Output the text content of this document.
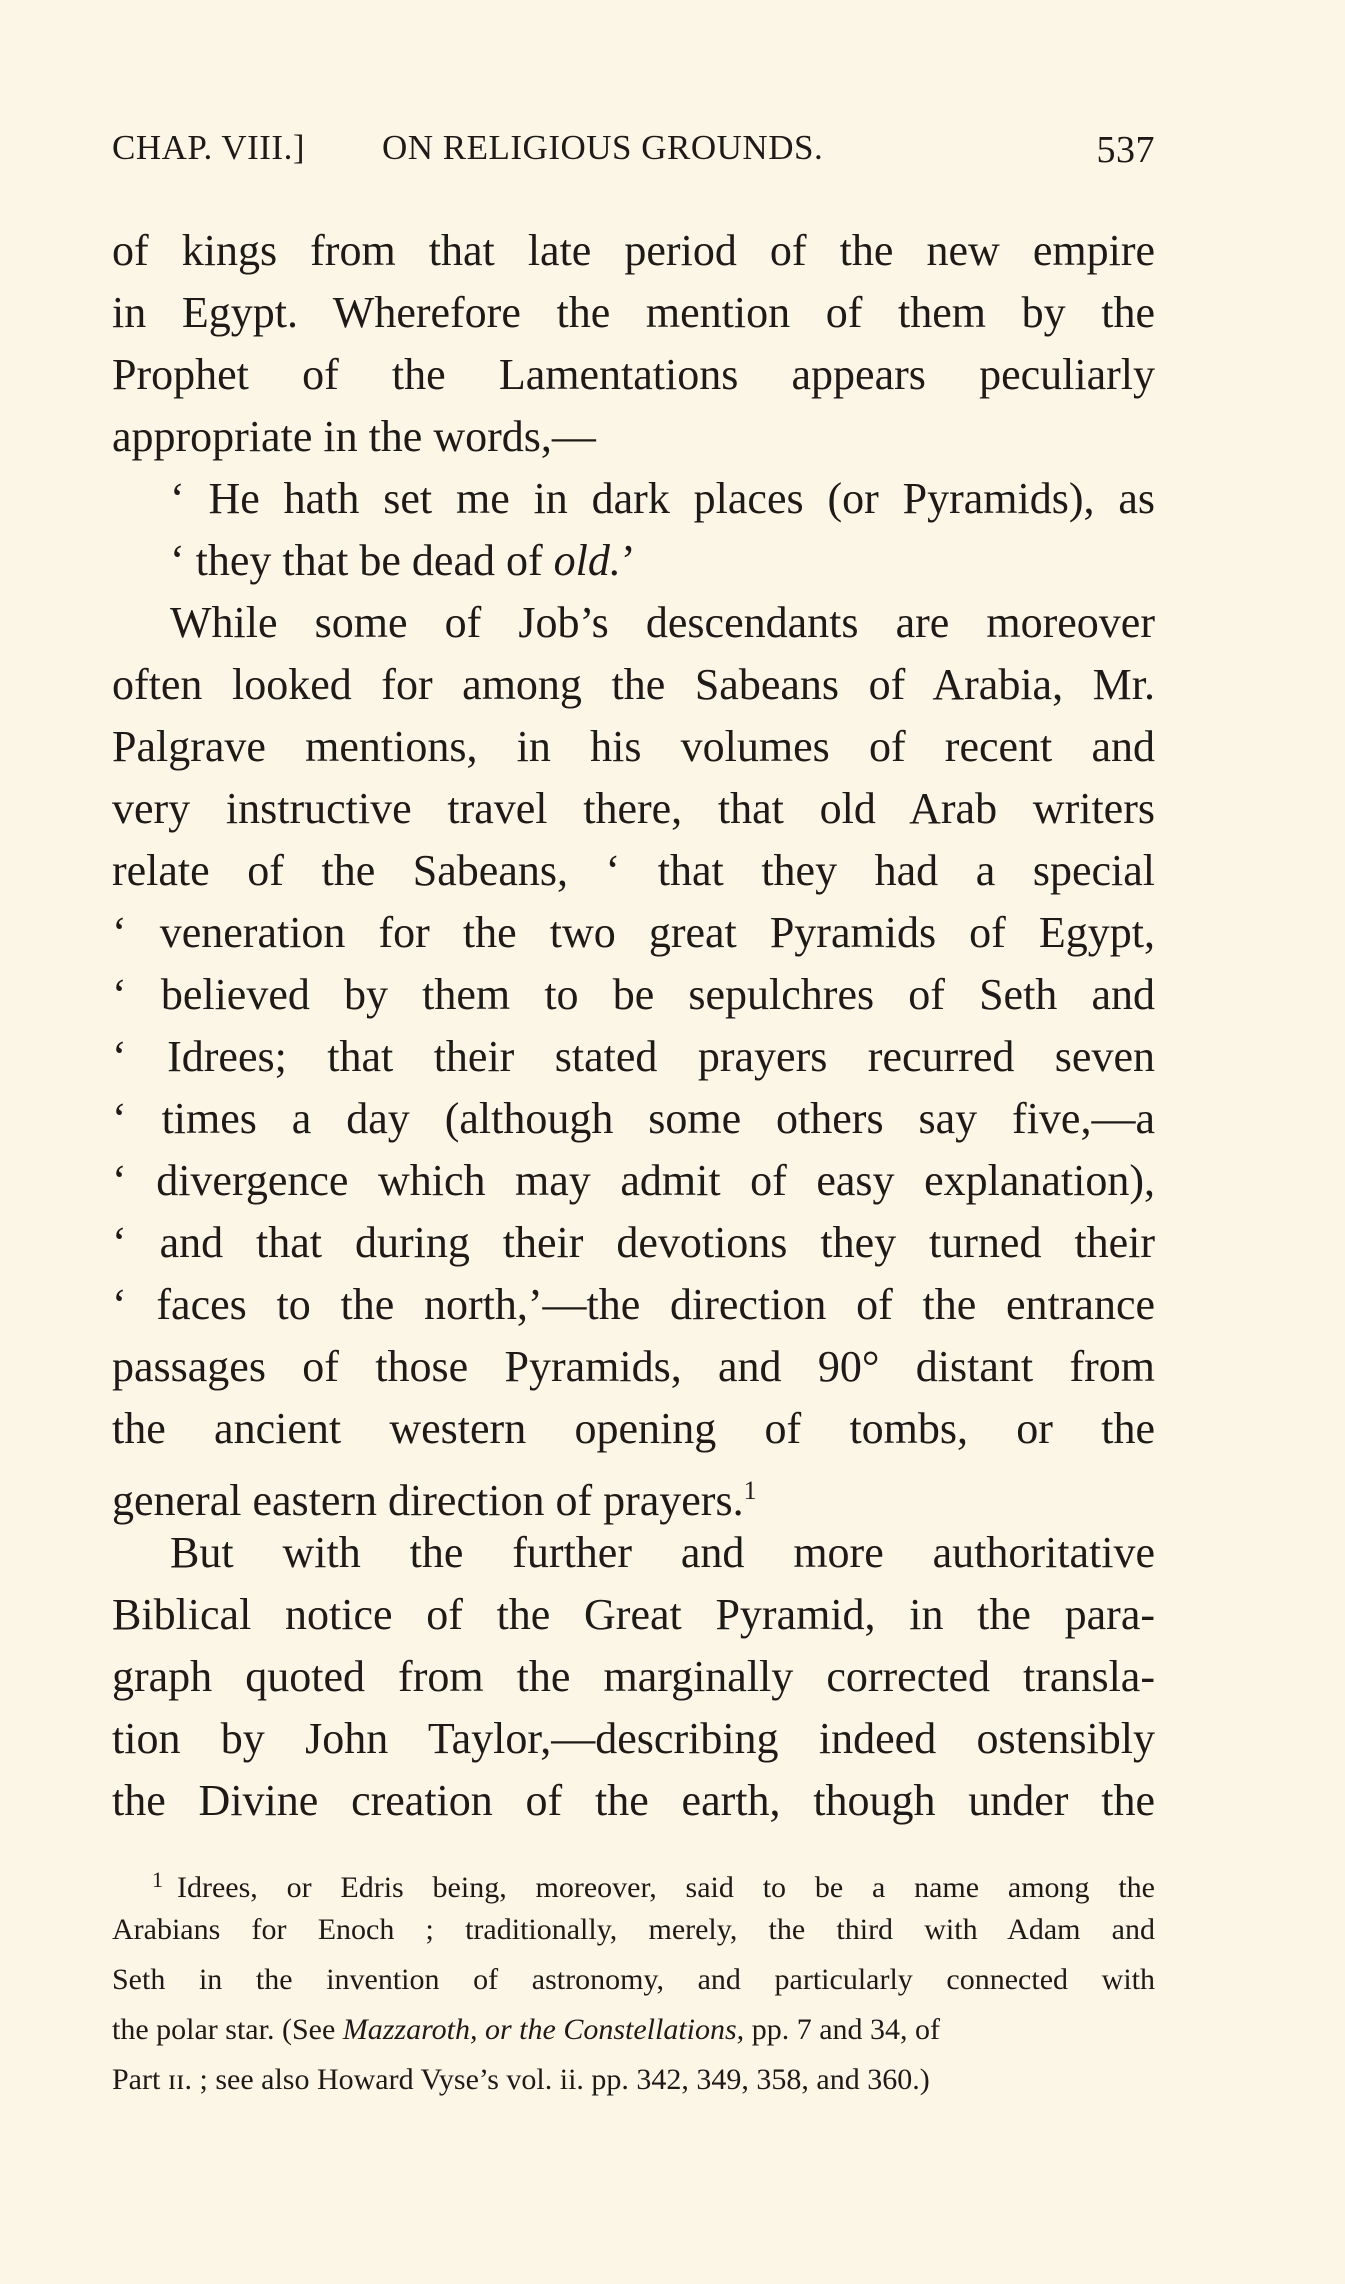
CHAP. VIII.] ON RELIGIOUS GROUNDS.	537
of kings from that late period of the new empire
in Egypt. Wherefore the mention of them by the
Prophet of the Lamentations appears peculiarly
appropriate in the words,—
‘ He hath set me in dark places (or Pyramids), as
‘ they that be dead of old.’
While some of Job’s descendants are moreover
often looked for among the Sabeans of Arabia, Mr.
Palgrave mentions, in his volumes of recent and
very instructive travel there, that old Arab writers
relate of the Sabeans, ‘ that they had a special
‘ veneration for the two great Pyramids of Egypt,
‘ believed by them to be sepulchres of Seth and
‘ Idrees; that their stated prayers recurred seven
‘ times a day (although some others say five,—a
‘ divergence which may admit of easy explanation),
‘ and that during their devotions they turned their
‘ faces to the north,’—the direction of the entrance
passages of those Pyramids, and 90° distant from
the ancient western opening of tombs, or the
general eastern direction of prayers.$^1$
But with the further and more authoritative
Biblical notice of the Great Pyramid, in the para-
graph quoted from the marginally corrected transla-
tion by John Taylor,—describing indeed ostensibly
the Divine creation of the earth, though under the
$^1$ Idrees, or Edris being, moreover, said to be a name among the
Arabians for Enoch ; traditionally, merely, the third with Adam and
Seth in the invention of astronomy, and particularly connected with
the polar star. (See Mazzaroth, or the Constellations, pp. 7 and 34, of
Part ɪɪ. ; see also Howard Vyse’s vol. ii. pp. 342, 349, 358, and 360.)
